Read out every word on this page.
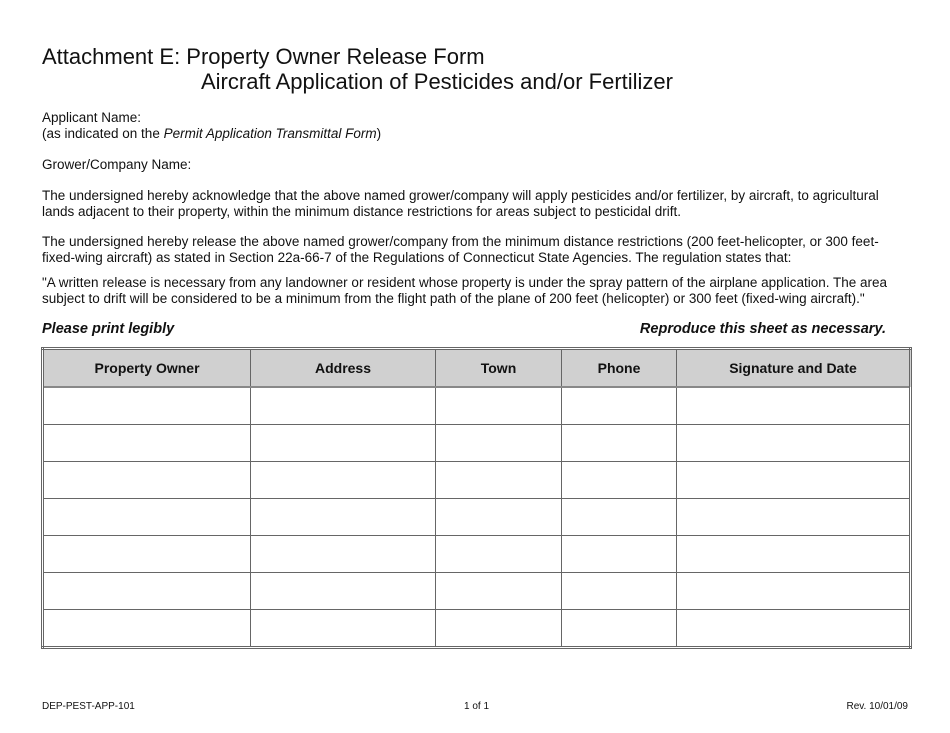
Attachment E: Property Owner Release Form
Aircraft Application of Pesticides and/or Fertilizer
Applicant Name:
(as indicated on the Permit Application Transmittal Form)
Grower/Company Name:
The undersigned hereby acknowledge that the above named grower/company will apply pesticides and/or fertilizer, by aircraft, to agricultural lands adjacent to their property, within the minimum distance restrictions for areas subject to pesticidal drift.
The undersigned hereby release the above named grower/company from the minimum distance restrictions (200 feet-helicopter, or 300 feet-fixed-wing aircraft) as stated in Section 22a-66-7 of the Regulations of Connecticut State Agencies. The regulation states that:
"A written release is necessary from any landowner or resident whose property is under the spray pattern of the airplane application. The area subject to drift will be considered to be a minimum from the flight path of the plane of 200 feet (helicopter) or 300 feet (fixed-wing aircraft)."
Please print legibly	Reproduce this sheet as necessary.
Property Owner	Address	Town	Phone	Signature and Date

DEP-PEST-APP-101	1 of 1	Rev. 10/01/09
